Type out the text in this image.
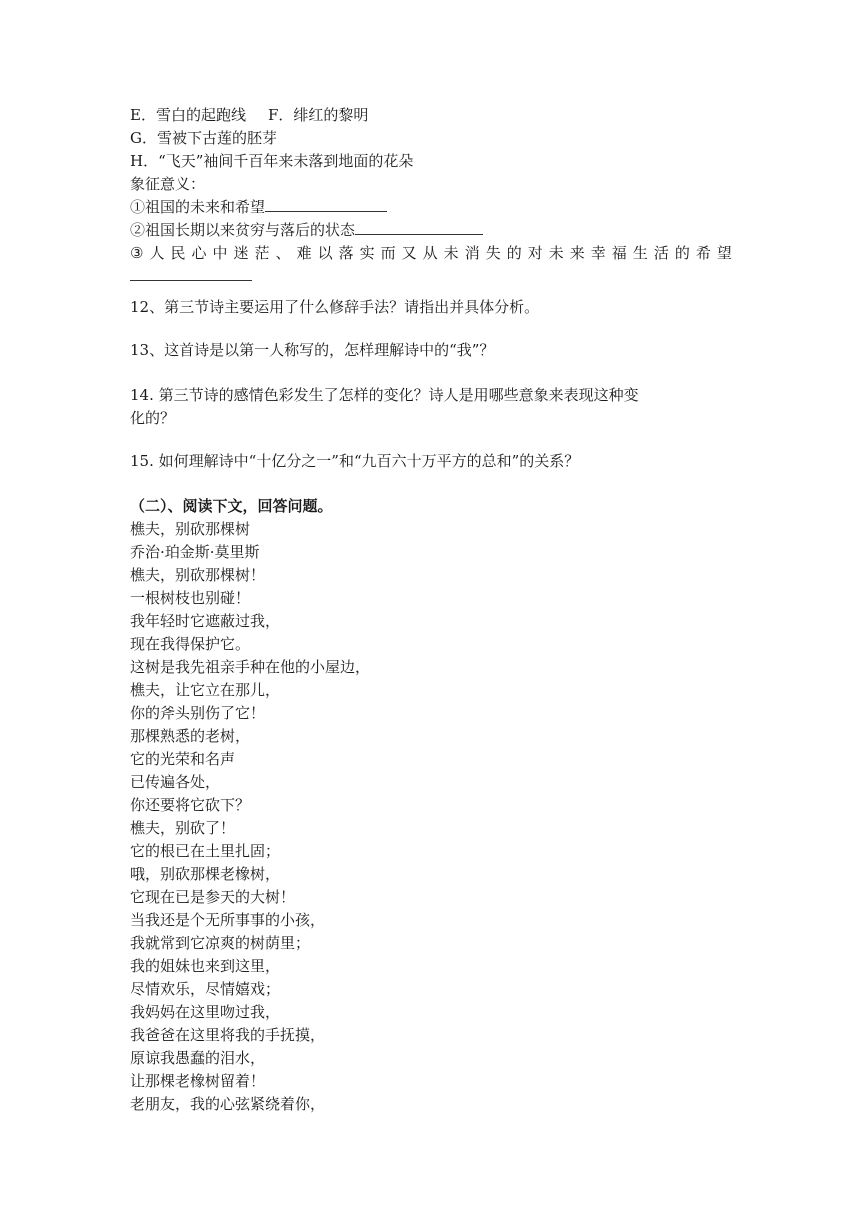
E．雪白的起跑线 F．绯红的黎明
G．雪被下古莲的胚芽
H．“飞天”袖间千百年来未落到地面的花朵
象征意义：
①祖国的未来和希望
②祖国长期以来贫穷与落后的状态
③ 人 民 心 中 迷 茫 、 难 以 落 实 而 又 从 未 消 失 的 对 未 来 幸 福 生 活 的 希 望
12、第三节诗主要运用了什么修辞手法？请指出并具体分析。
13、这首诗是以第一人称写的，怎样理解诗中的“我”？
14. 第三节诗的感情色彩发生了怎样的变化？诗人是用哪些意象来表现这种变
化的？
15. 如何理解诗中“十亿分之一”和“九百六十万平方的总和”的关系？
（二）、阅读下文，回答问题。
樵夫，别砍那棵树
乔治·珀金斯·莫里斯
樵夫，别砍那棵树！
一根树枝也别碰！
我年轻时它遮蔽过我，
现在我得保护它。
这树是我先祖亲手种在他的小屋边，
樵夫，让它立在那儿，
你的斧头别伤了它！
那棵熟悉的老树，
它的光荣和名声
已传遍各处，
你还要将它砍下？
樵夫，别砍了！
它的根已在土里扎固；
哦，别砍那棵老橡树，
它现在已是参天的大树！
当我还是个无所事事的小孩，
我就常到它凉爽的树荫里；
我的姐妹也来到这里，
尽情欢乐，尽情嬉戏；
我妈妈在这里吻过我，
我爸爸在这里将我的手抚摸，
原谅我愚蠢的泪水，
让那棵老橡树留着！
老朋友，我的心弦紧绕着你，
